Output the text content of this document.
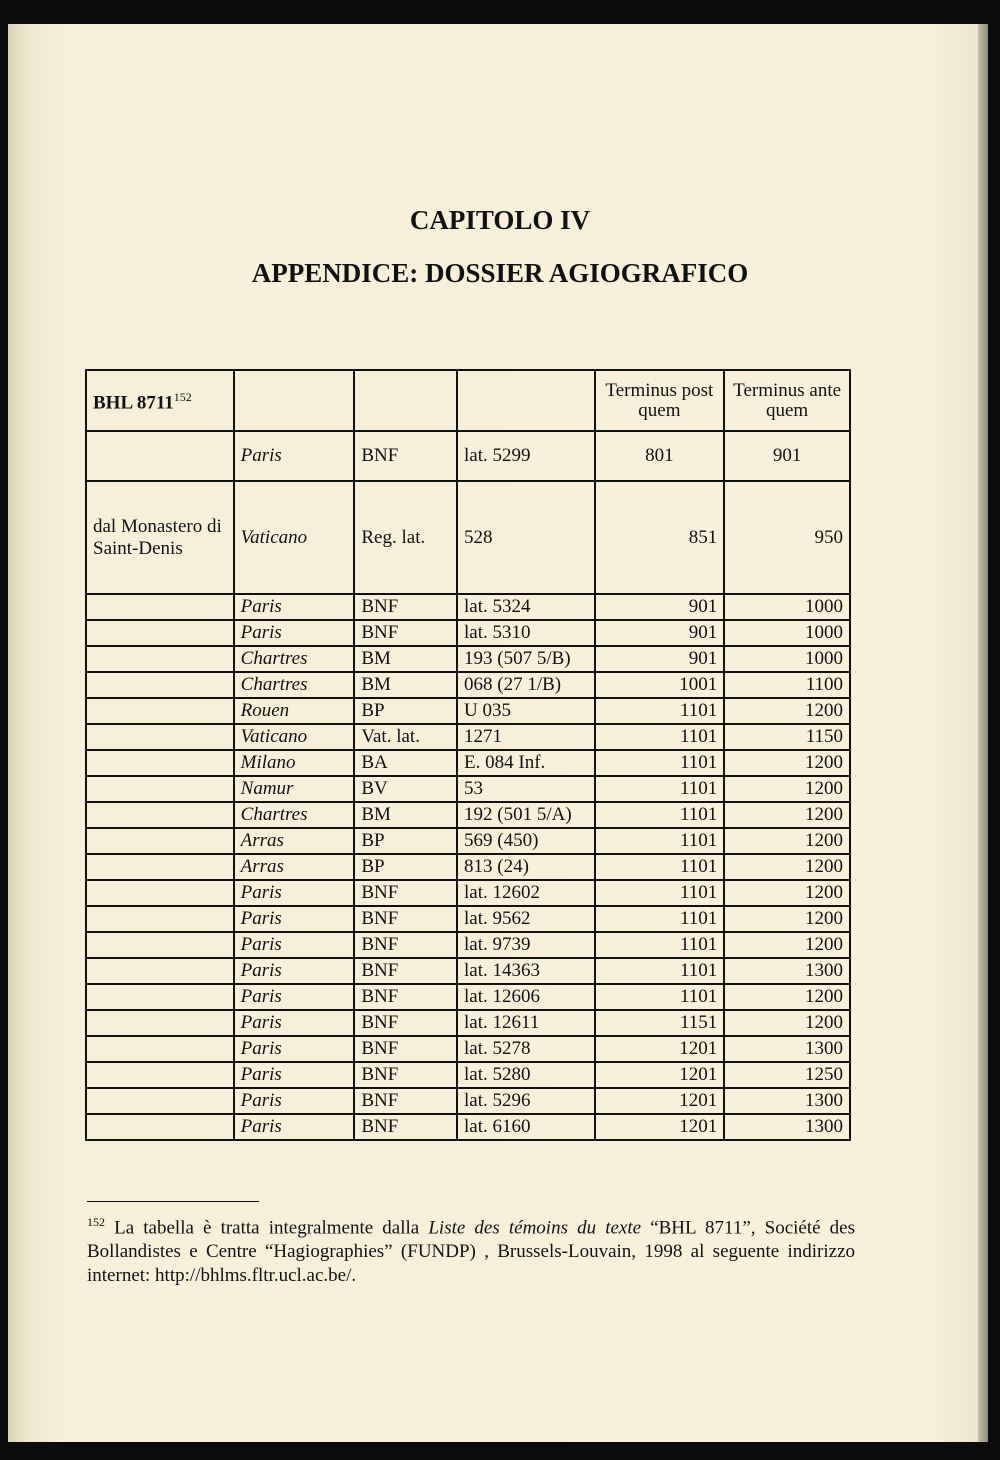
CAPITOLO IV
APPENDICE: DOSSIER AGIOGRAFICO
BHL 8711$^{152}$				Terminus post quem	Terminus ante quem
	Paris	BNF	lat. 5299	801	901
dal Monastero di Saint-Denis	Vaticano	Reg. lat.	528	851	950
	Paris	BNF	lat. 5324	901	1000
	Paris	BNF	lat. 5310	901	1000
	Chartres	BM	193 (507 5/B)	901	1000
	Chartres	BM	068 (27 1/B)	1001	1100
	Rouen	BP	U 035	1101	1200
	Vaticano	Vat. lat.	1271	1101	1150
	Milano	BA	E. 084 Inf.	1101	1200
	Namur	BV	53	1101	1200
	Chartres	BM	192 (501 5/A)	1101	1200
	Arras	BP	569 (450)	1101	1200
	Arras	BP	813 (24)	1101	1200
	Paris	BNF	lat. 12602	1101	1200
	Paris	BNF	lat. 9562	1101	1200
	Paris	BNF	lat. 9739	1101	1200
	Paris	BNF	lat. 14363	1101	1300
	Paris	BNF	lat. 12606	1101	1200
	Paris	BNF	lat. 12611	1151	1200
	Paris	BNF	lat. 5278	1201	1300
	Paris	BNF	lat. 5280	1201	1250
	Paris	BNF	lat. 5296	1201	1300
	Paris	BNF	lat. 6160	1201	1300
$^{152}$ La tabella è tratta integralmente dalla Liste des témoins du texte “BHL 8711”, Société des Bollandistes e Centre “Hagiographies” (FUNDP) , Brussels-Louvain, 1998 al seguente indirizzo internet: http://bhlms.fltr.ucl.ac.be/.
